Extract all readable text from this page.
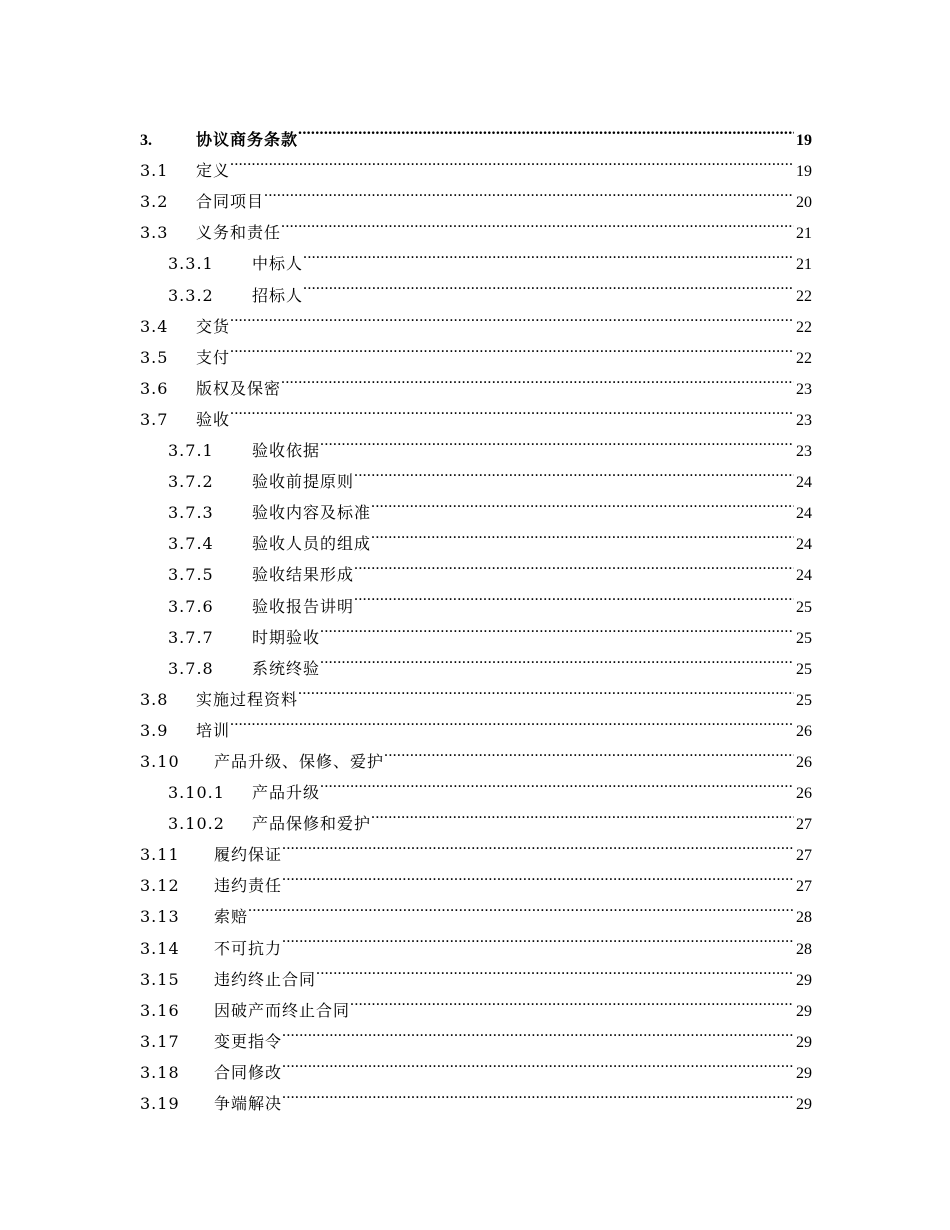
3.	协议商务条款 .....	19
3.1	定义 .....	19
3.2	合同项目 .....	20
3.3	义务和责任 .....	21
3.3.1	中标人 .....	21
3.3.2	招标人 .....	22
3.4	交货 .....	22
3.5	支付 .....	22
3.6	版权及保密 .....	23
3.7	验收 .....	23
3.7.1	验收依据 .....	23
3.7.2	验收前提原则 .....	24
3.7.3	验收内容及标准 .....	24
3.7.4	验收人员的组成 .....	24
3.7.5	验收结果形成 .....	24
3.7.6	验收报告讲明 .....	25
3.7.7	时期验收 .....	25
3.7.8	系统终验 .....	25
3.8	实施过程资料 .....	25
3.9	培训 .....	26
3.10	产品升级、保修、爱护 .....	26
3.10.1	产品升级 .....	26
3.10.2	产品保修和爱护 .....	27
3.11	履约保证 .....	27
3.12	违约责任 .....	27
3.13	索赔 .....	28
3.14	不可抗力 .....	28
3.15	违约终止合同 .....	29
3.16	因破产而终止合同 .....	29
3.17	变更指令 .....	29
3.18	合同修改 .....	29
3.19	争端解决 .....	29
